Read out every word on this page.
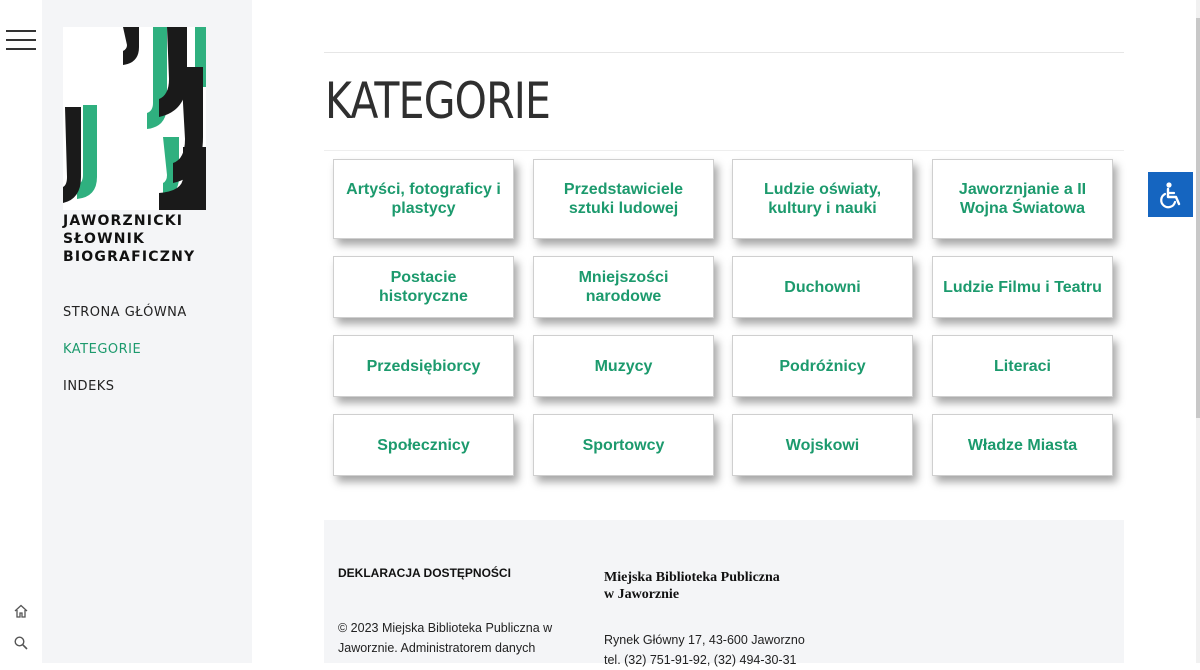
JAWORZNICKI
SŁOWNIK
BIOGRAFICZNY
STRONA GŁÓWNA
KATEGORIE
INDEKS
KATEGORIE
Artyści, fotograficy i plastycy
Przedstawiciele sztuki ludowej
Ludzie oświaty, kultury i nauki
Jaworznjanie a II Wojna Światowa
Postacie historyczne
Mniejszości narodowe
Duchowni	Ludzie Filmu i Teatru
Przedsiębiorcy	Muzycy	Podróżnicy	Literaci
Społecznicy	Sportowcy	Wojskowi	Władze Miasta
DEKLARACJA DOSTĘPNOŚCI
© 2023 Miejska Biblioteka Publiczna w Jaworznie. Administratorem danych
Miejska Biblioteka Publiczna
w Jaworznie
Rynek Główny 17, 43-600 Jaworzno
tel. (32) 751-91-92, (32) 494-30-31
